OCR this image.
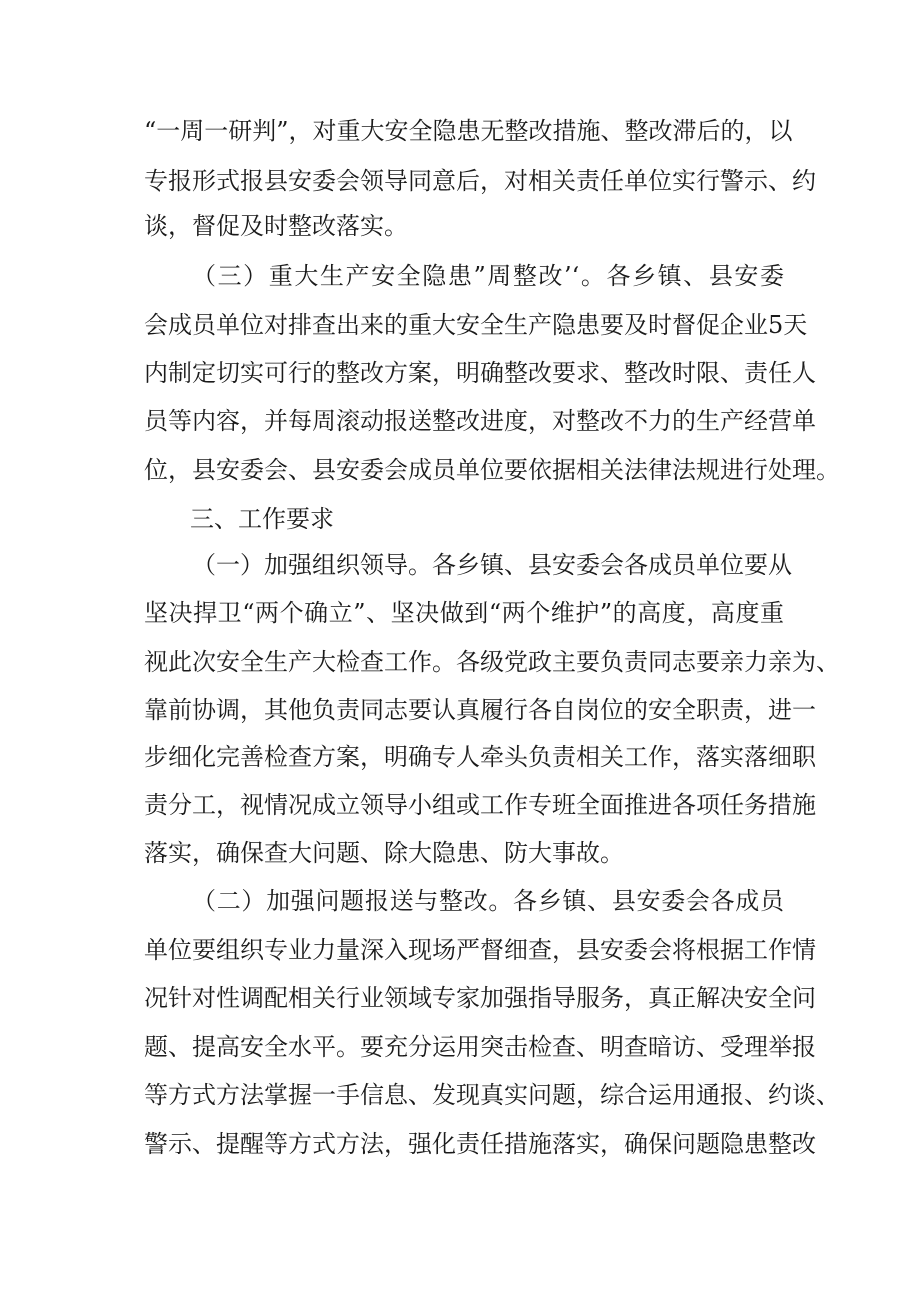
“一周一研判”，对重大安全隐患无整改措施、整改滞后的，以

专报形式报县安委会领导同意后，对相关责任单位实行警示、约

谈，督促及时整改落实。

（三）重大生产安全隐患”周整改’‘。各乡镇、县安委

会成员单位对排查出来的重大安全生产隐患要及时督促企业5天

内制定切实可行的整改方案，明确整改要求、整改时限、责任人

员等内容，并每周滚动报送整改进度，对整改不力的生产经营单

位，县安委会、县安委会成员单位要依据相关法律法规进行处理。

三、工作要求

（一）加强组织领导。各乡镇、县安委会各成员单位要从

坚决捍卫“两个确立”、坚决做到“两个维护”的高度，高度重

视此次安全生产大检查工作。各级党政主要负责同志要亲力亲为、

靠前协调，其他负责同志要认真履行各自岗位的安全职责，进一

步细化完善检查方案，明确专人牵头负责相关工作，落实落细职

责分工，视情况成立领导小组或工作专班全面推进各项任务措施

落实，确保查大问题、除大隐患、防大事故。

（二）加强问题报送与整改。各乡镇、县安委会各成员

单位要组织专业力量深入现场严督细查，县安委会将根据工作情

况针对性调配相关行业领域专家加强指导服务，真正解决安全问

题、提高安全水平。要充分运用突击检查、明查暗访、受理举报

等方式方法掌握一手信息、发现真实问题，综合运用通报、约谈、

警示、提醒等方式方法，强化责任措施落实，确保问题隐患整改
